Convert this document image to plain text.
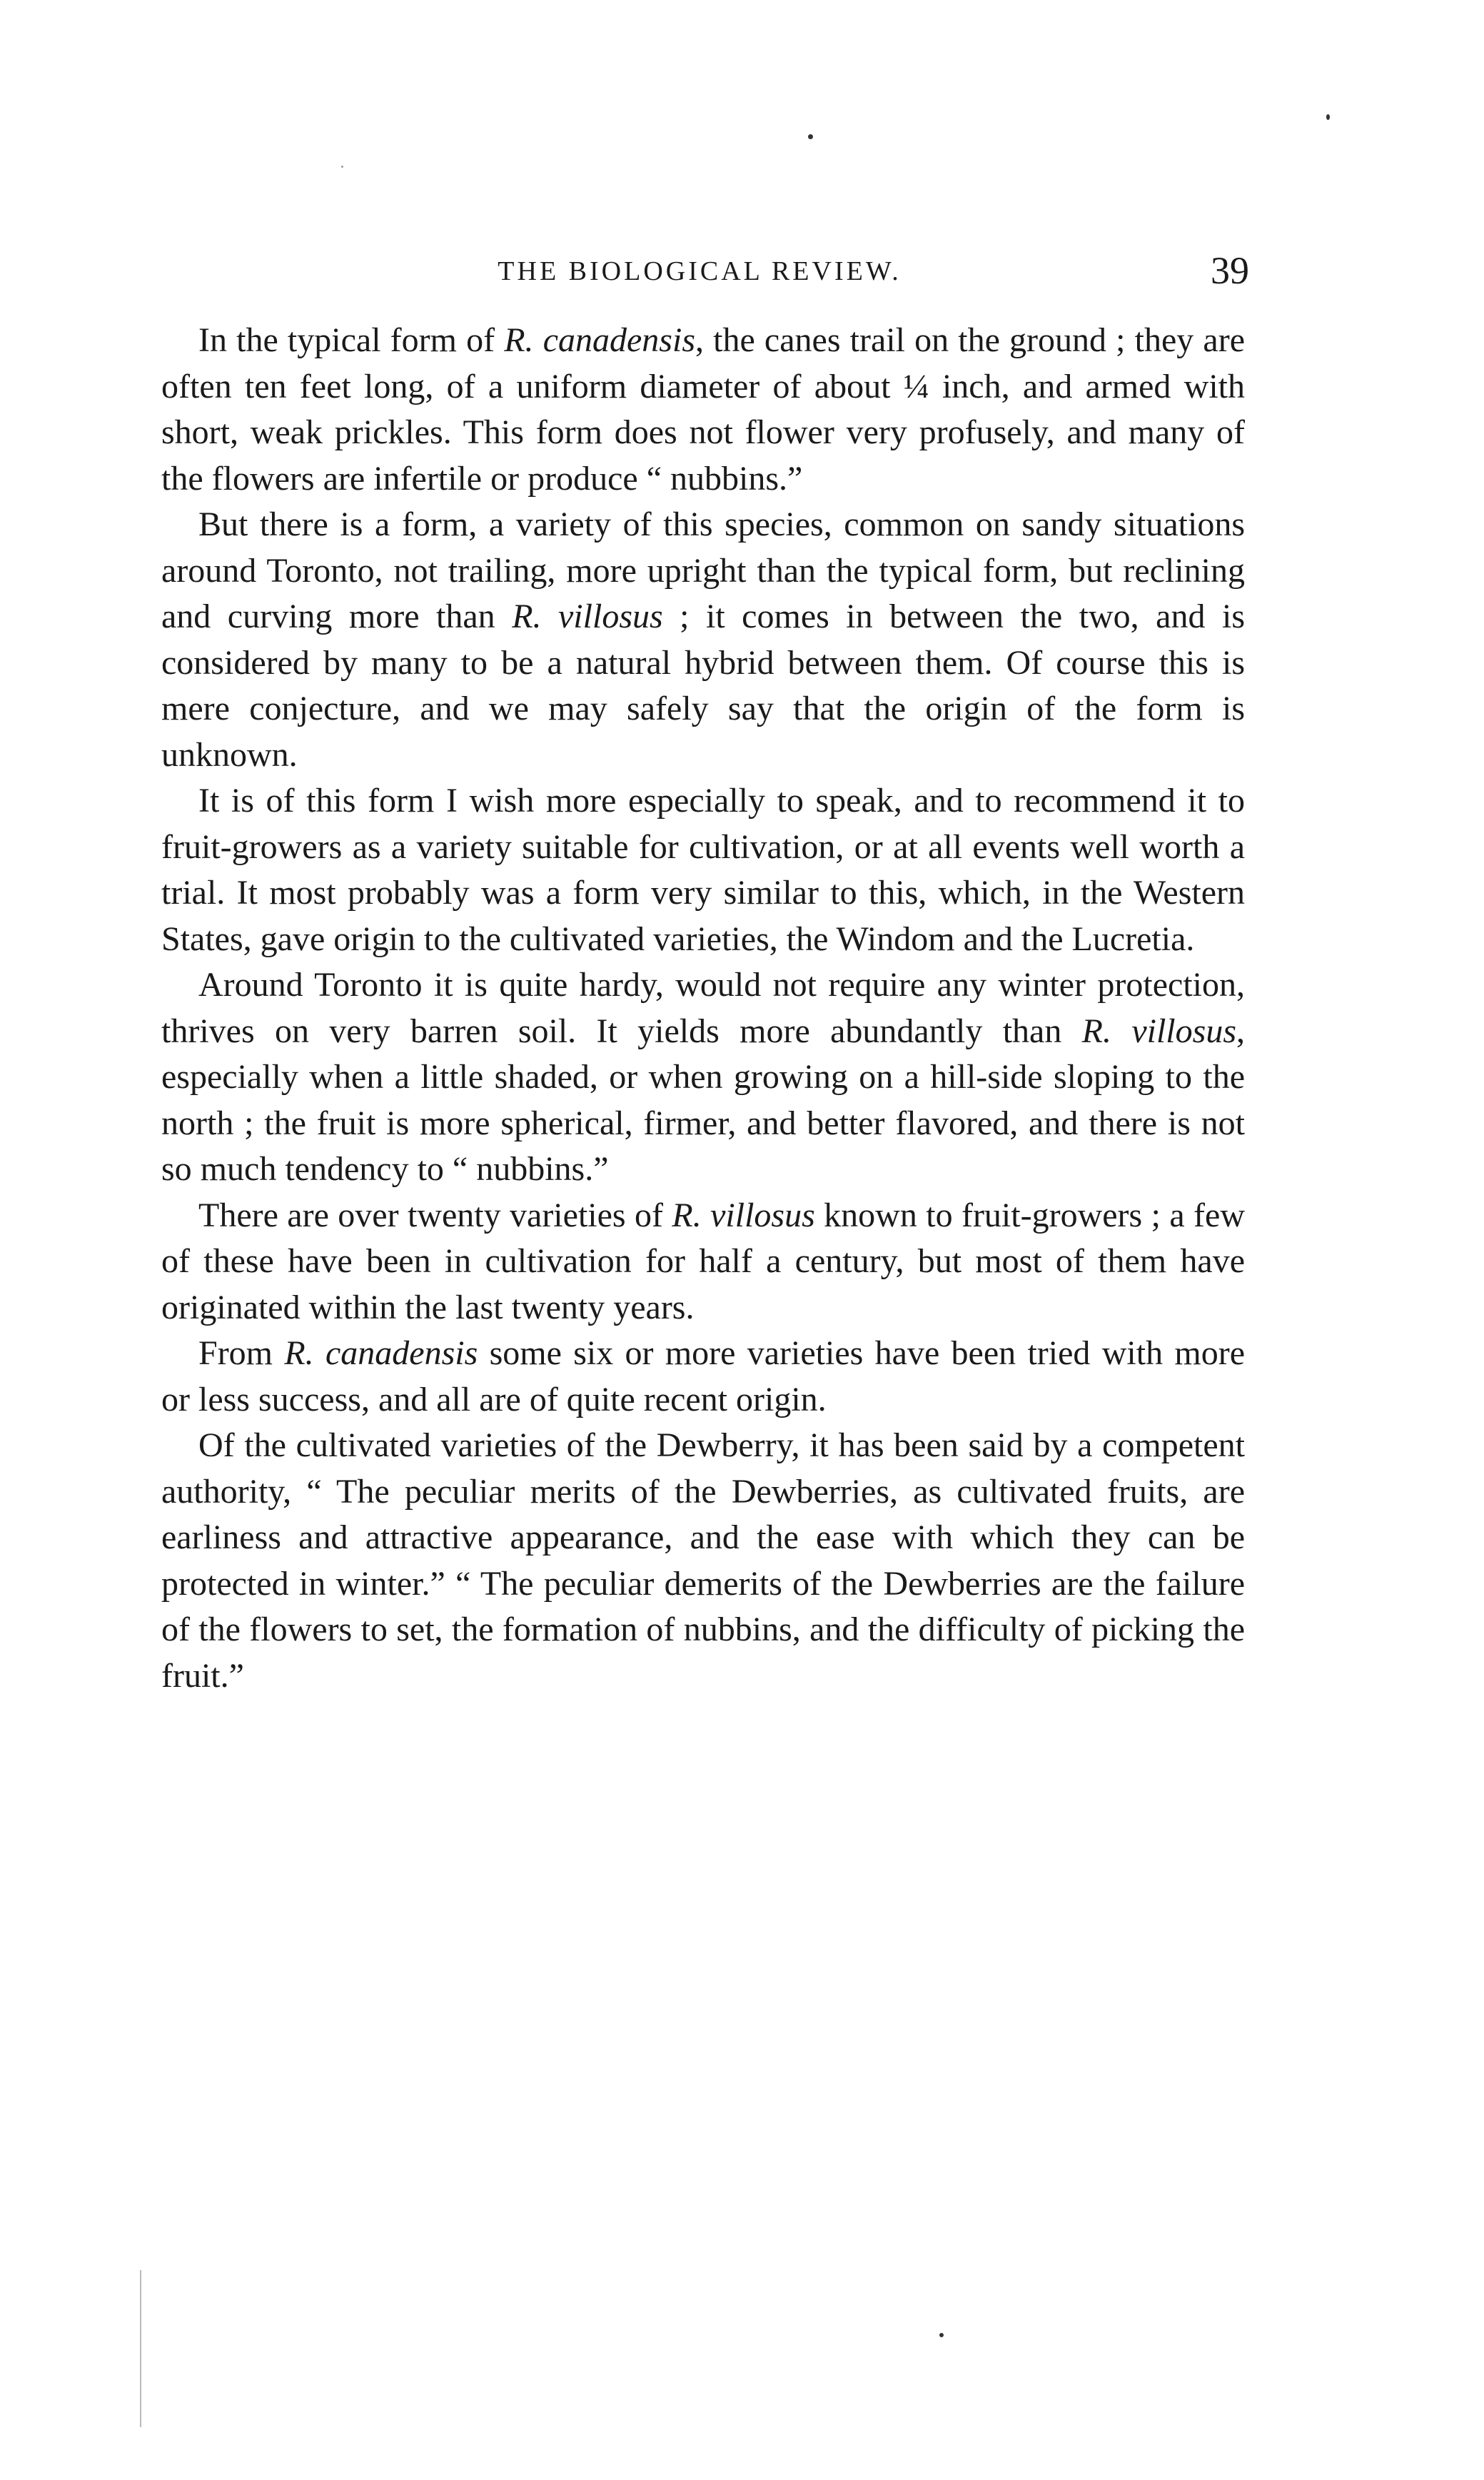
THE BIOLOGICAL REVIEW.	39

In the typical form of R. canadensis, the canes trail on the ground ; they are often ten feet long, of a uniform diameter of about ¼ inch, and armed with short, weak prickles. This form does not flower very profusely, and many of the flowers are infertile or produce “ nubbins.”

But there is a form, a variety of this species, common on sandy situations around Toronto, not trailing, more upright than the typical form, but reclining and curving more than R. villosus ; it comes in between the two, and is considered by many to be a natural hybrid between them. Of course this is mere conjecture, and we may safely say that the origin of the form is unknown.

It is of this form I wish more especially to speak, and to recommend it to fruit-growers as a variety suitable for cultivation, or at all events well worth a trial. It most probably was a form very similar to this, which, in the Western States, gave origin to the cultivated varieties, the Windom and the Lucretia.

Around Toronto it is quite hardy, would not require any winter protection, thrives on very barren soil. It yields more abundantly than R. villosus, especially when a little shaded, or when growing on a hill-side sloping to the north ; the fruit is more spherical, firmer, and better flavored, and there is not so much tendency to “ nubbins.”

There are over twenty varieties of R. villosus known to fruit-growers ; a few of these have been in cultivation for half a century, but most of them have originated within the last twenty years.

From R. canadensis some six or more varieties have been tried with more or less success, and all are of quite recent origin.

Of the cultivated varieties of the Dewberry, it has been said by a competent authority, “ The peculiar merits of the Dewberries, as cultivated fruits, are earliness and attractive appearance, and the ease with which they can be protected in winter.” “ The peculiar demerits of the Dewberries are the failure of the flowers to set, the formation of nubbins, and the difficulty of picking the fruit.”
